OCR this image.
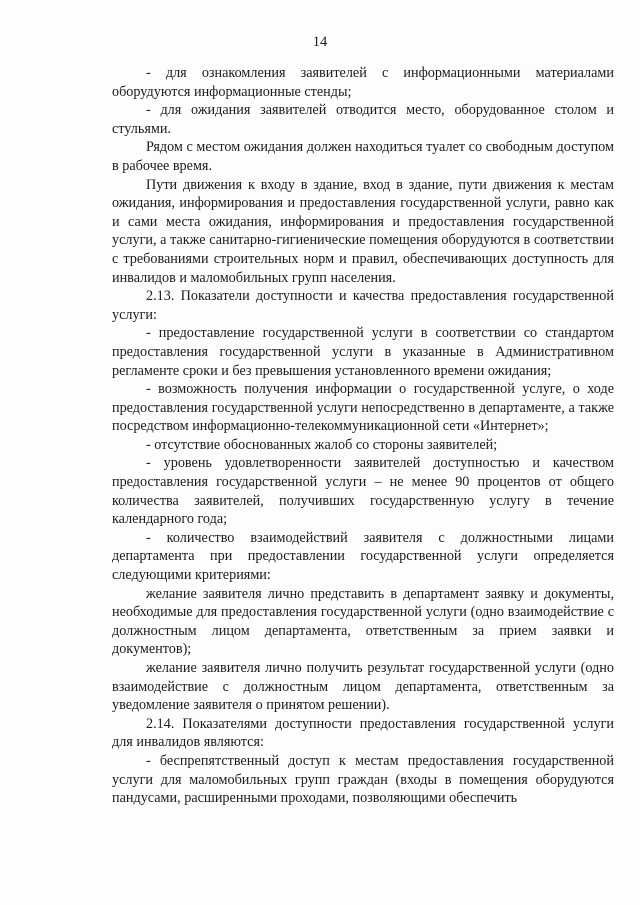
14

- для ознакомления заявителей с информационными материалами оборудуются информационные стенды;

- для ожидания заявителей отводится место, оборудованное столом и стульями.

Рядом с местом ожидания должен находиться туалет со свободным доступом в рабочее время.

Пути движения к входу в здание, вход в здание, пути движения к местам ожидания, информирования и предоставления государственной услуги, равно как и сами места ожидания, информирования и предоставления государственной услуги, а также санитарно-гигиенические помещения оборудуются в соответствии с требованиями строительных норм и правил, обеспечивающих доступность для инвалидов и маломобильных групп населения.

2.13. Показатели доступности и качества предоставления государственной услуги:

- предоставление государственной услуги в соответствии со стандартом предоставления государственной услуги в указанные в Административном регламенте сроки и без превышения установленного времени ожидания;

- возможность получения информации о государственной услуге, о ходе предоставления государственной услуги непосредственно в департаменте, а также посредством информационно-телекоммуникационной сети «Интернет»;

- отсутствие обоснованных жалоб со стороны заявителей;

- уровень удовлетворенности заявителей доступностью и качеством предоставления государственной услуги – не менее 90 процентов от общего количества заявителей, получивших государственную услугу в течение календарного года;

- количество взаимодействий заявителя с должностными лицами департамента при предоставлении государственной услуги определяется следующими критериями:

желание заявителя лично представить в департамент заявку и документы, необходимые для предоставления государственной услуги (одно взаимодействие с должностным лицом департамента, ответственным за прием заявки и документов);

желание заявителя лично получить результат государственной услуги (одно взаимодействие с должностным лицом департамента, ответственным за уведомление заявителя о принятом решении).

2.14. Показателями доступности предоставления государственной услуги для инвалидов являются:

- беспрепятственный доступ к местам предоставления государственной услуги для маломобильных групп граждан (входы в помещения оборудуются пандусами, расширенными проходами, позволяющими обеспечить
